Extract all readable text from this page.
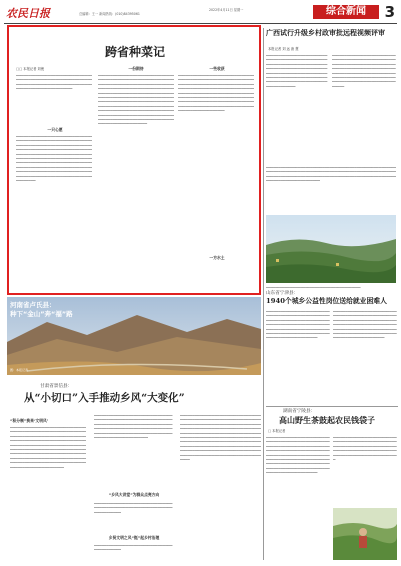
农民日报	总编辑：王一 新闻热线：(010)84395061
2022年4月11日 星期一	综合新闻	3
跨省种菜记
□□ 本报记者 刘俊
▁▁▁▁▁▁▁▁▁▁▁▁▁▁▁▁▁▁▁▁▁▁▁▁▁▁▁▁▁▁▁▁▁▁▁▁▁▁▁▁▁▁▁▁▁▁▁▁▁▁▁▁▁▁▁▁▁▁▁▁▁▁▁▁▁▁▁▁▁▁▁▁▁▁▁▁▁▁▁▁▁▁▁▁▁▁▁▁▁▁▁▁▁▁▁▁▁▁▁▁▁▁▁▁▁▁▁▁▁▁▁▁▁▁▁▁
一只心愿
▁▁▁▁▁▁▁▁▁▁▁▁▁▁▁▁▁▁▁▁▁▁▁▁▁▁▁▁▁▁▁▁▁▁▁▁▁▁▁▁▁▁▁▁▁▁▁▁▁▁▁▁▁▁▁▁▁▁▁▁▁▁▁▁▁▁▁▁▁▁▁▁▁▁▁▁▁▁▁▁▁▁▁▁▁▁▁▁▁▁▁▁▁▁▁▁▁▁▁▁▁▁▁▁▁▁▁▁▁▁▁▁▁▁▁▁▁▁▁▁▁▁▁▁▁▁▁▁▁▁▁▁▁▁▁▁▁▁▁▁▁▁▁▁▁▁▁▁▁▁▁▁▁▁▁▁▁▁▁▁▁▁▁▁▁▁▁▁▁▁▁▁▁▁▁▁▁▁▁▁▁▁▁▁▁▁▁▁▁▁▁▁▁▁▁▁▁▁▁▁▁▁▁▁▁▁▁▁▁▁▁▁▁▁▁▁▁▁▁▁▁▁▁▁▁▁▁▁▁▁▁▁▁▁▁▁▁▁▁▁▁▁▁▁▁▁▁▁▁▁▁▁▁▁▁▁▁▁▁▁▁▁▁▁▁▁▁▁▁▁▁▁▁▁▁▁▁▁▁▁▁▁▁▁▁▁▁▁▁▁▁▁▁▁▁▁▁▁▁▁▁▁▁▁▁▁▁▁▁▁▁▁▁▁▁▁▁▁
一份期待
▁▁▁▁▁▁▁▁▁▁▁▁▁▁▁▁▁▁▁▁▁▁▁▁▁▁▁▁▁▁▁▁▁▁▁▁▁▁▁▁▁▁▁▁▁▁▁▁▁▁▁▁▁▁▁▁▁▁▁▁▁▁▁▁▁▁▁▁▁▁▁▁▁▁▁▁▁▁▁▁▁▁▁▁▁▁▁▁▁▁▁▁▁▁▁▁▁▁▁▁▁▁▁▁▁▁▁▁▁▁▁▁▁▁▁▁▁▁▁▁▁▁▁▁▁▁▁▁▁▁▁▁▁▁▁▁▁▁▁▁▁▁▁▁▁▁▁▁▁▁▁▁▁▁▁▁▁▁▁▁▁▁▁▁▁▁▁▁▁▁▁▁▁▁▁▁▁▁▁▁▁▁▁▁▁▁▁▁▁▁▁▁▁▁▁▁▁▁▁▁▁▁▁▁▁▁▁▁▁▁▁▁▁▁▁▁▁▁▁▁▁▁▁▁▁▁▁▁▁▁▁▁▁▁▁▁▁▁▁▁▁▁▁▁▁▁▁▁▁▁▁▁▁▁▁▁▁▁▁▁▁▁▁▁▁▁▁▁▁▁▁▁▁▁▁▁▁▁▁▁▁▁▁▁▁▁▁▁▁▁▁▁▁▁▁▁▁▁▁▁▁▁▁▁▁▁▁▁▁▁▁▁▁▁▁▁▁▁▁▁▁▁▁▁▁▁▁▁▁▁▁▁▁▁▁▁▁▁▁▁▁▁▁▁▁▁▁▁▁▁▁▁▁▁▁▁▁▁▁▁▁
一些收获
▁▁▁▁▁▁▁▁▁▁▁▁▁▁▁▁▁▁▁▁▁▁▁▁▁▁▁▁▁▁▁▁▁▁▁▁▁▁▁▁▁▁▁▁▁▁▁▁▁▁▁▁▁▁▁▁▁▁▁▁▁▁▁▁▁▁▁▁▁▁▁▁▁▁▁▁▁▁▁▁▁▁▁▁▁▁▁▁▁▁▁▁▁▁▁▁▁▁▁▁▁▁▁▁▁▁▁▁▁▁▁▁▁▁▁▁▁▁▁▁▁▁▁▁▁▁▁▁▁▁▁▁▁▁▁▁▁▁▁▁▁▁▁▁▁▁▁▁▁▁▁▁▁▁▁▁▁▁▁▁▁▁▁▁▁▁▁▁▁▁▁▁▁▁▁▁▁▁▁▁▁▁▁▁▁▁▁▁▁▁▁▁▁▁▁▁▁▁▁▁▁▁▁▁▁▁▁▁▁▁▁▁▁▁▁▁▁▁▁▁▁▁▁▁▁▁▁▁▁▁▁▁▁▁▁▁▁▁▁▁▁▁▁▁▁▁▁▁▁▁▁▁▁▁▁▁▁▁▁▁▁▁▁▁▁▁▁
一方水土
广西试行升级乡村政审批远程视频评审
本报记者 刘 远 唐 慧
▁▁▁▁▁▁▁▁▁▁▁▁▁▁▁▁▁▁▁▁▁▁▁▁▁▁▁▁▁▁▁▁▁▁▁▁▁▁▁▁▁▁▁▁▁▁▁▁▁▁▁▁▁▁▁▁▁▁▁▁▁▁▁▁▁▁▁▁▁▁▁▁▁▁▁▁▁▁▁▁▁▁▁▁▁▁▁▁▁▁▁▁▁▁▁▁▁▁▁▁▁▁▁▁▁▁▁▁▁▁▁▁▁▁▁▁▁▁▁▁▁▁▁▁▁▁▁▁▁▁▁▁▁▁▁▁▁▁▁▁▁▁▁▁▁▁▁▁▁▁▁▁▁▁▁▁▁▁▁▁▁▁▁▁▁▁▁▁▁▁▁▁▁▁▁▁▁▁▁▁▁▁▁▁▁▁▁
▁▁▁▁▁▁▁▁▁▁▁▁▁▁▁▁▁▁▁▁▁▁▁▁▁▁▁▁▁▁▁▁▁▁▁▁▁▁▁▁▁▁▁▁▁▁▁▁▁▁▁▁▁▁▁▁▁▁▁▁▁▁▁▁▁▁▁▁▁▁▁▁▁▁▁▁▁▁▁▁▁▁▁▁▁▁▁▁▁▁▁▁▁▁▁▁▁▁▁▁▁▁▁▁▁▁▁▁▁▁▁▁▁▁▁▁▁▁▁▁▁▁▁▁▁▁▁▁▁▁▁▁▁▁▁▁▁▁▁▁▁▁▁▁▁▁▁▁▁▁▁▁▁▁▁▁▁▁▁▁▁▁▁▁▁▁▁▁▁▁▁▁▁▁▁▁▁▁▁▁▁▁▁▁▁▁▁
▁▁▁▁▁▁▁▁▁▁▁▁▁▁▁▁▁▁▁▁▁▁▁▁▁▁▁▁▁▁▁▁▁▁▁▁▁▁▁▁▁▁▁▁▁▁▁▁▁▁▁▁▁▁▁▁▁▁▁▁▁▁▁▁▁▁▁▁▁▁▁▁▁▁▁▁▁▁▁▁▁▁▁▁▁▁▁▁▁▁▁▁▁▁▁▁▁▁▁▁▁▁▁▁▁▁▁▁▁▁▁▁▁▁▁▁▁▁▁▁▁▁▁▁▁▁▁▁▁▁▁▁▁▁▁▁▁▁▁▁▁▁▁▁▁▁▁▁▁▁▁▁▁▁▁▁▁▁▁▁▁▁▁▁▁▁▁▁▁▁▁▁▁▁▁▁▁▁▁▁▁
▁▁▁▁▁▁▁▁▁▁▁▁▁▁▁▁▁▁▁▁▁▁▁▁▁▁▁▁▁▁▁▁▁▁▁▁▁▁▁▁▁
河南省卢氏县：
种下“金山”奔“福”路
图：本报记者
山东省宁津县：
1940个城乡公益性岗位送给就业困难人
▁▁▁▁▁▁▁▁▁▁▁▁▁▁▁▁▁▁▁▁▁▁▁▁▁▁▁▁▁▁▁▁▁▁▁▁▁▁▁▁▁▁▁▁▁▁▁▁▁▁▁▁▁▁▁▁▁▁▁▁▁▁▁▁▁▁▁▁▁▁▁▁▁▁▁▁▁▁▁▁▁▁▁▁▁▁▁▁▁▁▁▁▁▁▁▁▁▁▁▁▁▁▁▁▁▁▁▁▁▁▁▁▁▁▁▁▁▁▁▁▁▁▁▁▁▁▁▁▁▁▁▁▁▁▁▁▁▁▁▁▁▁▁▁▁▁▁▁▁▁▁▁▁▁▁▁▁▁▁▁▁▁▁▁▁▁▁▁▁▁▁▁▁▁▁▁▁
▁▁▁▁▁▁▁▁▁▁▁▁▁▁▁▁▁▁▁▁▁▁▁▁▁▁▁▁▁▁▁▁▁▁▁▁▁▁▁▁▁▁▁▁▁▁▁▁▁▁▁▁▁▁▁▁▁▁▁▁▁▁▁▁▁▁▁▁▁▁▁▁▁▁▁▁▁▁▁▁▁▁▁▁▁▁▁▁▁▁▁▁▁▁▁▁▁▁▁▁▁▁▁▁▁▁▁▁▁▁▁▁▁▁▁▁▁▁▁▁▁▁▁▁▁▁▁▁▁▁▁▁▁▁▁▁▁▁▁▁▁▁▁▁▁▁▁▁▁▁▁▁▁▁▁▁▁▁▁▁▁▁▁▁▁▁▁▁▁▁▁▁▁▁▁▁▁
甘肃省景信县：
从“小切口”入手推动乡风“大变化”
“积分制”换来‘文明风’
▁▁▁▁▁▁▁▁▁▁▁▁▁▁▁▁▁▁▁▁▁▁▁▁▁▁▁▁▁▁▁▁▁▁▁▁▁▁▁▁▁▁▁▁▁▁▁▁▁▁▁▁▁▁▁▁▁▁▁▁▁▁▁▁▁▁▁▁▁▁▁▁▁▁▁▁▁▁▁▁▁▁▁▁▁▁▁▁▁▁▁▁▁▁▁▁▁▁▁▁▁▁▁▁▁▁▁▁▁▁▁▁▁▁▁▁▁▁▁▁▁▁▁▁▁▁▁▁▁▁▁▁▁▁▁▁▁▁▁▁▁▁▁▁▁▁▁▁▁▁▁▁▁▁▁▁▁▁▁▁▁▁▁▁▁▁▁▁▁▁▁▁▁▁▁▁▁▁▁▁▁▁▁▁▁▁▁▁▁▁▁▁▁▁▁▁▁▁▁▁▁▁▁▁▁▁▁▁▁▁▁▁▁▁▁▁▁▁▁▁▁▁▁▁▁▁▁▁▁▁▁▁▁▁▁▁▁▁▁▁▁▁▁▁▁▁▁▁▁▁▁▁▁▁▁▁▁▁▁▁▁▁▁▁▁▁▁▁▁▁▁▁▁▁▁▁▁▁▁▁▁▁▁▁▁▁▁▁▁▁▁▁▁▁▁▁▁▁▁▁▁
“乡风大讲堂”为群众点亮方向
▁▁▁▁▁▁▁▁▁▁▁▁▁▁▁▁▁▁▁▁▁▁▁▁▁▁▁▁▁▁▁▁▁▁▁▁▁▁▁▁▁▁▁▁▁▁▁▁▁▁▁▁▁▁▁▁▁▁▁▁▁▁▁▁▁▁▁▁▁▁▁▁▁▁▁▁▁▁▁▁▁▁▁▁▁▁▁▁▁▁▁▁▁▁▁▁▁▁▁▁▁▁▁▁▁▁▁▁▁▁▁▁▁▁▁▁▁▁▁▁▁▁▁▁▁▁▁▁▁▁▁▁▁▁▁▁▁▁▁▁▁▁▁▁▁▁▁▁▁▁▁▁▁▁▁▁▁▁▁▁▁▁▁▁▁▁▁▁▁▁▁▁▁▁▁▁▁▁▁▁▁▁
▁▁▁▁▁▁▁▁▁▁▁▁▁▁▁▁▁▁▁▁▁▁▁▁▁▁▁▁▁▁▁▁▁▁▁▁▁▁▁▁▁▁▁▁▁▁▁▁▁▁▁▁▁▁▁▁▁▁▁▁▁▁▁▁▁▁▁▁▁▁▁▁▁▁▁
乡贤文明之风“挺”起乡村治理
▁▁▁▁▁▁▁▁▁▁▁▁▁▁▁▁▁▁▁▁▁▁▁▁▁▁▁▁▁▁▁▁▁▁▁▁▁▁▁▁▁▁▁
▁▁▁▁▁▁▁▁▁▁▁▁▁▁▁▁▁▁▁▁▁▁▁▁▁▁▁▁▁▁▁▁▁▁▁▁▁▁▁▁▁▁▁▁▁▁▁▁▁▁▁▁▁▁▁▁▁▁▁▁▁▁▁▁▁▁▁▁▁▁▁▁▁▁▁▁▁▁▁▁▁▁▁▁▁▁▁▁▁▁▁▁▁▁▁▁▁▁▁▁▁▁▁▁▁▁▁▁▁▁▁▁▁▁▁▁▁▁▁▁▁▁▁▁▁▁▁▁▁▁▁▁▁▁▁▁▁▁▁▁▁▁▁▁▁▁▁▁▁▁▁▁▁▁▁▁▁▁▁▁▁▁▁▁▁▁▁▁▁▁▁▁▁▁▁▁▁▁▁▁▁▁▁▁▁▁▁▁▁▁▁▁▁▁▁▁▁▁▁▁▁▁▁▁▁▁▁▁▁▁▁▁▁▁▁▁▁▁▁▁▁▁▁▁▁▁▁▁▁▁▁▁▁▁▁▁▁▁▁▁▁▁▁▁▁▁▁▁▁▁▁▁▁▁▁▁▁▁▁▁▁▁▁▁▁▁▁▁▁▁▁▁▁▁▁▁▁▁▁▁▁▁▁▁▁▁▁▁▁▁▁▁▁▁▁▁▁▁▁▁▁▁▁▁▁▁▁▁▁▁▁▁▁▁▁▁▁▁▁▁▁▁▁▁▁▁▁▁▁▁▁▁▁▁
湖南省宁陵县：
高山野生茶鼓起农民钱袋子
□ 本报记者
▁▁▁▁▁▁▁▁▁▁▁▁▁▁▁▁▁▁▁▁▁▁▁▁▁▁▁▁▁▁▁▁▁▁▁▁▁▁▁▁▁▁▁▁▁▁▁▁▁▁▁▁▁▁▁▁▁▁▁▁▁▁▁▁▁▁▁▁▁▁▁▁▁▁▁▁▁▁▁▁▁▁▁▁▁▁▁▁▁▁▁▁▁▁▁▁▁▁▁▁▁▁▁▁▁▁▁▁▁▁▁▁▁▁▁▁▁▁▁▁▁▁▁▁▁▁▁▁▁▁▁▁▁▁▁▁▁▁▁▁▁▁▁▁▁▁▁▁▁▁▁▁▁▁▁▁▁▁▁▁▁▁▁▁▁▁▁▁▁▁▁▁▁▁▁▁▁▁▁▁▁▁▁▁▁▁▁▁▁▁▁▁▁▁▁▁▁▁▁▁▁▁▁▁▁▁▁▁▁▁▁▁▁▁▁▁▁▁▁▁▁▁▁▁▁▁▁▁▁
▁▁▁▁▁▁▁▁▁▁▁▁▁▁▁▁▁▁▁▁▁▁▁▁▁▁▁▁▁▁▁▁▁▁▁▁▁▁▁▁▁▁▁▁▁▁▁▁▁▁▁▁▁▁▁▁▁▁▁▁▁▁▁▁▁▁▁▁▁▁▁▁▁▁▁▁▁▁▁▁▁▁▁▁▁▁▁▁▁▁▁▁▁▁▁▁▁▁▁▁▁▁▁▁▁▁▁▁▁▁▁▁▁▁▁▁▁▁▁▁▁▁▁▁▁▁▁▁▁▁▁
